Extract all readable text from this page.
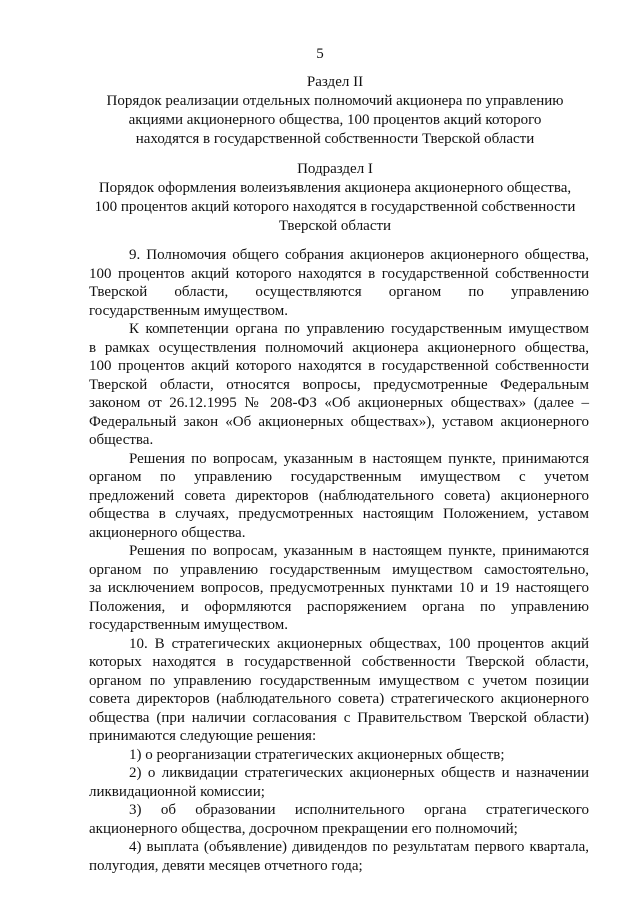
5
Раздел II
Порядок реализации отдельных полномочий акционера по управлению
акциями акционерного общества, 100 процентов акций которого
находятся в государственной собственности Тверской области
Подраздел I
Порядок оформления волеизъявления акционера акционерного общества,
100 процентов акций которого находятся в государственной собственности
Тверской области

9. Полномочия общего собрания акционеров акционерного общества,
100 процентов акций которого находятся в государственной собственности
Тверской области, осуществляются органом по управлению
государственным имуществом.

К компетенции органа по управлению государственным имуществом
в рамках осуществления полномочий акционера акционерного общества,
100 процентов акций которого находятся в государственной собственности
Тверской области, относятся вопросы, предусмотренные Федеральным
законом от 26.12.1995 № 208-ФЗ «Об акционерных обществах» (далее –
Федеральный закон «Об акционерных обществах»), уставом акционерного
общества.

Решения по вопросам, указанным в настоящем пункте, принимаются
органом по управлению государственным имуществом с учетом
предложений совета директоров (наблюдательного совета) акционерного
общества в случаях, предусмотренных настоящим Положением, уставом
акционерного общества.

Решения по вопросам, указанным в настоящем пункте, принимаются
органом по управлению государственным имуществом самостоятельно,
за исключением вопросов, предусмотренных пунктами 10 и 19 настоящего
Положения, и оформляются распоряжением органа по управлению
государственным имуществом.

10. В стратегических акционерных обществах, 100 процентов акций
которых находятся в государственной собственности Тверской области,
органом по управлению государственным имуществом с учетом позиции
совета директоров (наблюдательного совета) стратегического акционерного
общества (при наличии согласования с Правительством Тверской области)
принимаются следующие решения:

1) о реорганизации стратегических акционерных обществ;

2) о ликвидации стратегических акционерных обществ и назначении
ликвидационной комиссии;

3) об образовании исполнительного органа стратегического
акционерного общества, досрочном прекращении его полномочий;

4) выплата (объявление) дивидендов по результатам первого квартала,
полугодия, девяти месяцев отчетного года;
